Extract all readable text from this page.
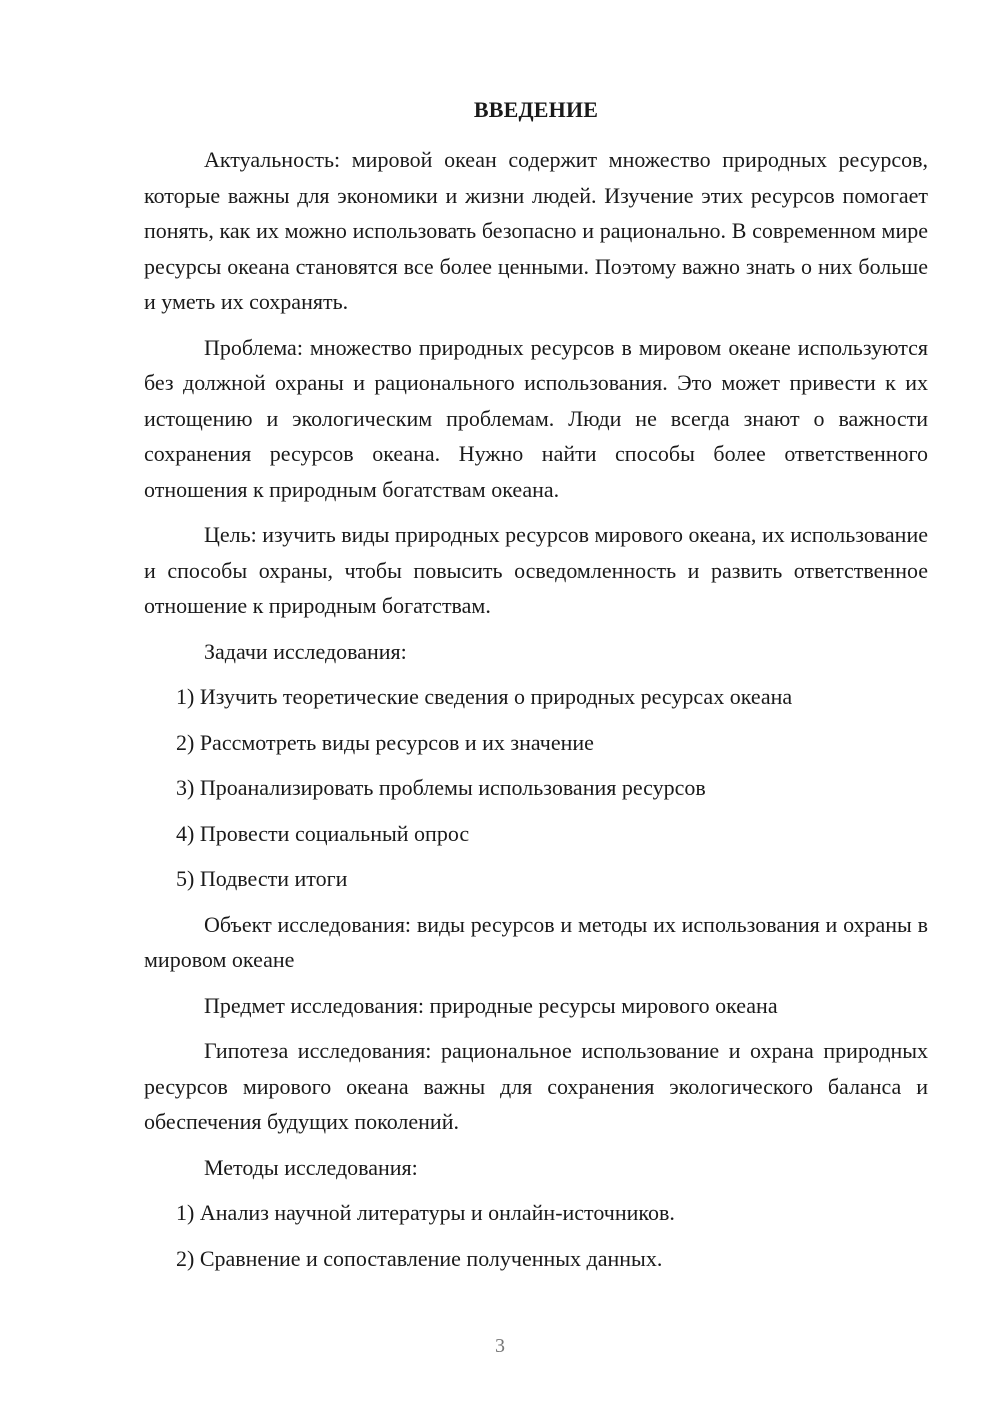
ВВЕДЕНИЕ

Актуальность: мировой океан содержит множество природных ресурсов, которые важны для экономики и жизни людей. Изучение этих ресурсов помогает понять, как их можно использовать безопасно и рационально. В современном мире ресурсы океана становятся все более ценными. Поэтому важно знать о них больше и уметь их сохранять.

Проблема: множество природных ресурсов в мировом океане используются без должной охраны и рационального использования. Это может привести к их истощению и экологическим проблемам. Люди не всегда знают о важности сохранения ресурсов океана. Нужно найти способы более ответственного отношения к природным богатствам океана.

Цель: изучить виды природных ресурсов мирового океана, их использование и способы охраны, чтобы повысить осведомленность и развить ответственное отношение к природным богатствам.

Задачи исследования:
1) Изучить теоретические сведения о природных ресурсах океана
2) Рассмотреть виды ресурсов и их значение
3) Проанализировать проблемы использования ресурсов
4) Провести социальный опрос
5) Подвести итоги

Объект исследования: виды ресурсов и методы их использования и охраны в мировом океане

Предмет исследования: природные ресурсы мирового океана

Гипотеза исследования: рациональное использование и охрана природных ресурсов мирового океана важны для сохранения экологического баланса и обеспечения будущих поколений.

Методы исследования:
1) Анализ научной литературы и онлайн-источников.
2) Сравнение и сопоставление полученных данных.
3
